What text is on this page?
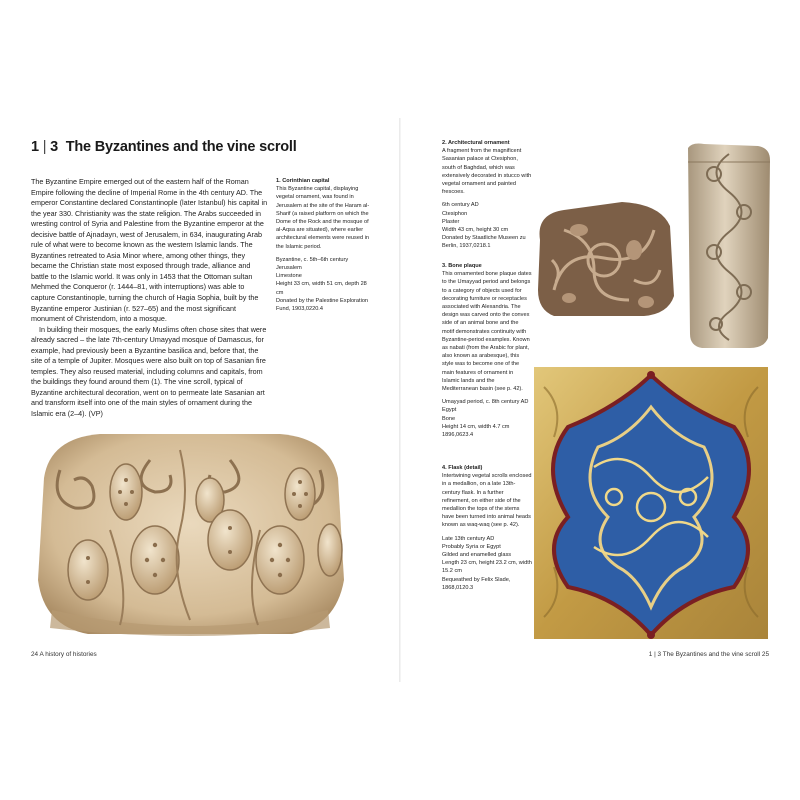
1 | 3 The Byzantines and the vine scroll

The Byzantine Empire emerged out of the eastern half of the Roman Empire following the decline of Imperial Rome in the 4th century AD. The emperor Constantine declared Constantinople (later Istanbul) his capital in the year 330. Christianity was the state religion. The Arabs succeeded in wresting control of Syria and Palestine from the Byzantine emperor at the decisive battle of Ajnadayn, west of Jerusalem, in 634, inaugurating Arab rule of what were to become known as the western Islamic lands. The Byzantines retreated to Asia Minor where, among other things, they became the Christian state most exposed through trade, alliance and battle to the Islamic world. It was only in 1453 that the Ottoman sultan Mehmed the Conqueror (r. 1444–81, with interruptions) was able to capture Constantinople, turning the church of Hagia Sophia, built by the Byzantine emperor Justinian (r. 527–65) and the most significant monument of Christendom, into a mosque.

In building their mosques, the early Muslims often chose sites that were already sacred – the late 7th-century Umayyad mosque of Damascus, for example, had previously been a Byzantine basilica and, before that, the site of a temple of Jupiter. Mosques were also built on top of Sasanian fire temples. They also reused material, including columns and capitals, from the buildings they found around them (1). The vine scroll, typical of Byzantine architectural decoration, went on to permeate late Sasanian art and transform itself into one of the main styles of ornament during the Islamic era (2–4). (VP)

1. Corinthian capital
This Byzantine capital, displaying vegetal ornament, was found in Jerusalem at the site of the Haram al-Sharif (a raised platform on which the Dome of the Rock and the mosque of al-Aqsa are situated), where earlier architectural elements were reused in the Islamic period.
Byzantine, c. 5th–6th century
Jerusalem
Limestone
Height 33 cm, width 51 cm, depth 28 cm
Donated by the Palestine Exploration Fund, 1903,0220.4
24 A history of histories
2. Architectural ornament
A fragment from the magnificent Sasanian palace at Ctesiphon, south of Baghdad, which was extensively decorated in stucco with vegetal ornament and painted frescoes.
6th century AD
Ctesiphon
Plaster
Width 43 cm, height 30 cm
Donated by Staatliche Museen zu Berlin, 1937,0218.1
3. Bone plaque
This ornamented bone plaque dates to the Umayyad period and belongs to a category of objects used for decorating furniture or receptacles associated with Alexandria. The design was carved onto the convex side of an animal bone and the motif demonstrates continuity with Byzantine-period examples. Known as nabati (from the Arabic for plant, also known as arabesque), this style was to become one of the main features of ornament in Islamic lands and the Mediterranean basin (see p. 42).
Umayyad period, c. 8th century AD
Egypt
Bone
Height 14 cm, width 4.7 cm
1896,0623.4
4. Flask (detail)
Intertwining vegetal scrolls enclosed in a medallion, on a late 13th-century flask. In a further refinement, on either side of the medallion the tops of the stems have been turned into animal heads known as waq-waq (see p. 42).
Late 13th century AD
Probably Syria or Egypt
Gilded and enamelled glass
Length 23 cm, height 23.2 cm, width 15.2 cm
Bequeathed by Felix Slade, 1868,0120.3
1 | 3 The Byzantines and the vine scroll 25
